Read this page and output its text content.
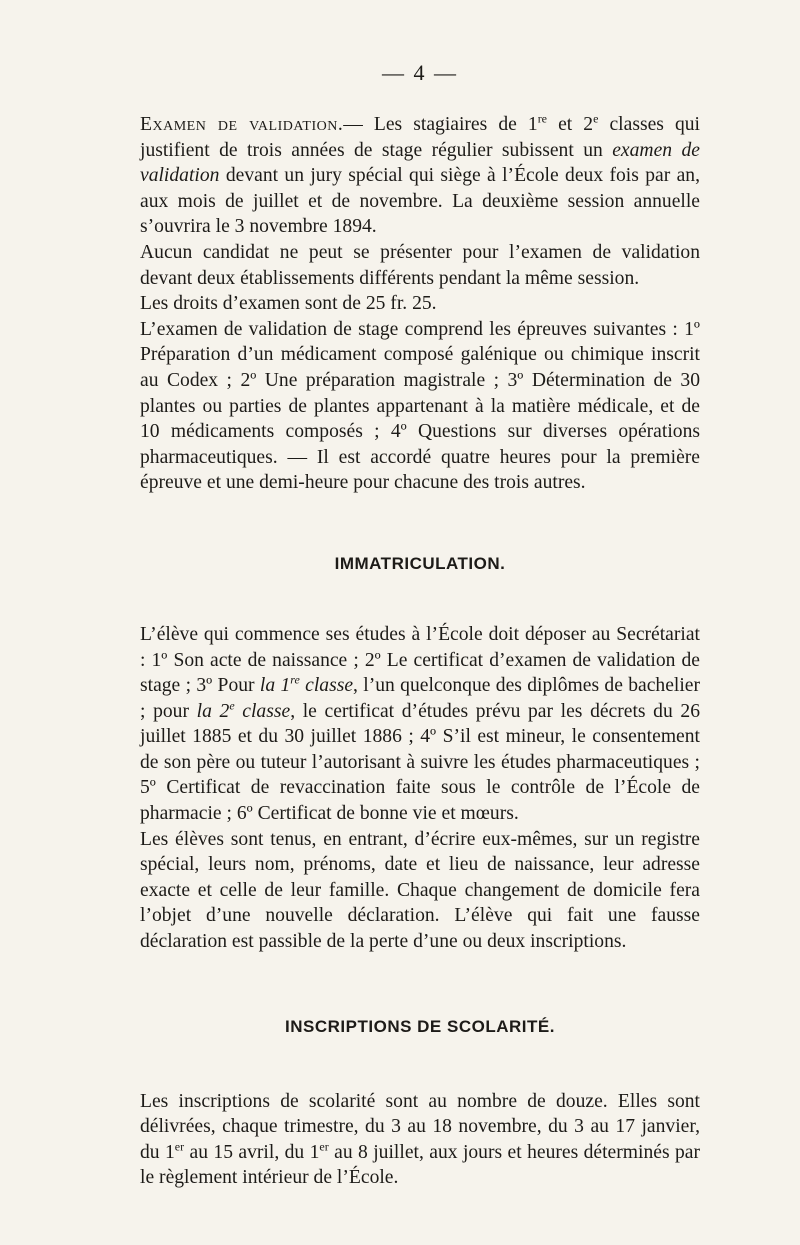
— 4 —

Examen de validation.— Les stagiaires de 1re et 2e classes qui justifient de trois années de stage régulier subissent un examen de validation devant un jury spécial qui siège à l’École deux fois par an, aux mois de juillet et de novembre. La deuxième session annuelle s’ouvrira le 3 novembre 1894.

Aucun candidat ne peut se présenter pour l’examen de validation devant deux établissements différents pendant la même session.

Les droits d’examen sont de 25 fr. 25.

L’examen de validation de stage comprend les épreuves suivantes : 1º Préparation d’un médicament composé galénique ou chimique inscrit au Codex ; 2º Une préparation magistrale ; 3º Détermination de 30 plantes ou parties de plantes appartenant à la matière médicale, et de 10 médicaments composés ; 4º Questions sur diverses opérations pharmaceutiques. — Il est accordé quatre heures pour la première épreuve et une demi-heure pour chacune des trois autres.

IMMATRICULATION.

L’élève qui commence ses études à l’École doit déposer au Secrétariat : 1º Son acte de naissance ; 2º Le certificat d’examen de validation de stage ; 3º Pour la 1re classe, l’un quelconque des diplômes de bachelier ; pour la 2e classe, le certificat d’études prévu par les décrets du 26 juillet 1885 et du 30 juillet 1886 ; 4º S’il est mineur, le consentement de son père ou tuteur l’autorisant à suivre les études pharmaceutiques ; 5º Certificat de revaccination faite sous le contrôle de l’École de pharmacie ; 6º Certificat de bonne vie et mœurs.

Les élèves sont tenus, en entrant, d’écrire eux-mêmes, sur un registre spécial, leurs nom, prénoms, date et lieu de naissance, leur adresse exacte et celle de leur famille. Chaque changement de domicile fera l’objet d’une nouvelle déclaration. L’élève qui fait une fausse déclaration est passible de la perte d’une ou deux inscriptions.

INSCRIPTIONS DE SCOLARITÉ.

Les inscriptions de scolarité sont au nombre de douze. Elles sont délivrées, chaque trimestre, du 3 au 18 novembre, du 3 au 17 janvier, du 1er au 15 avril, du 1er au 8 juillet, aux jours et heures déterminés par le règlement intérieur de l’École.
